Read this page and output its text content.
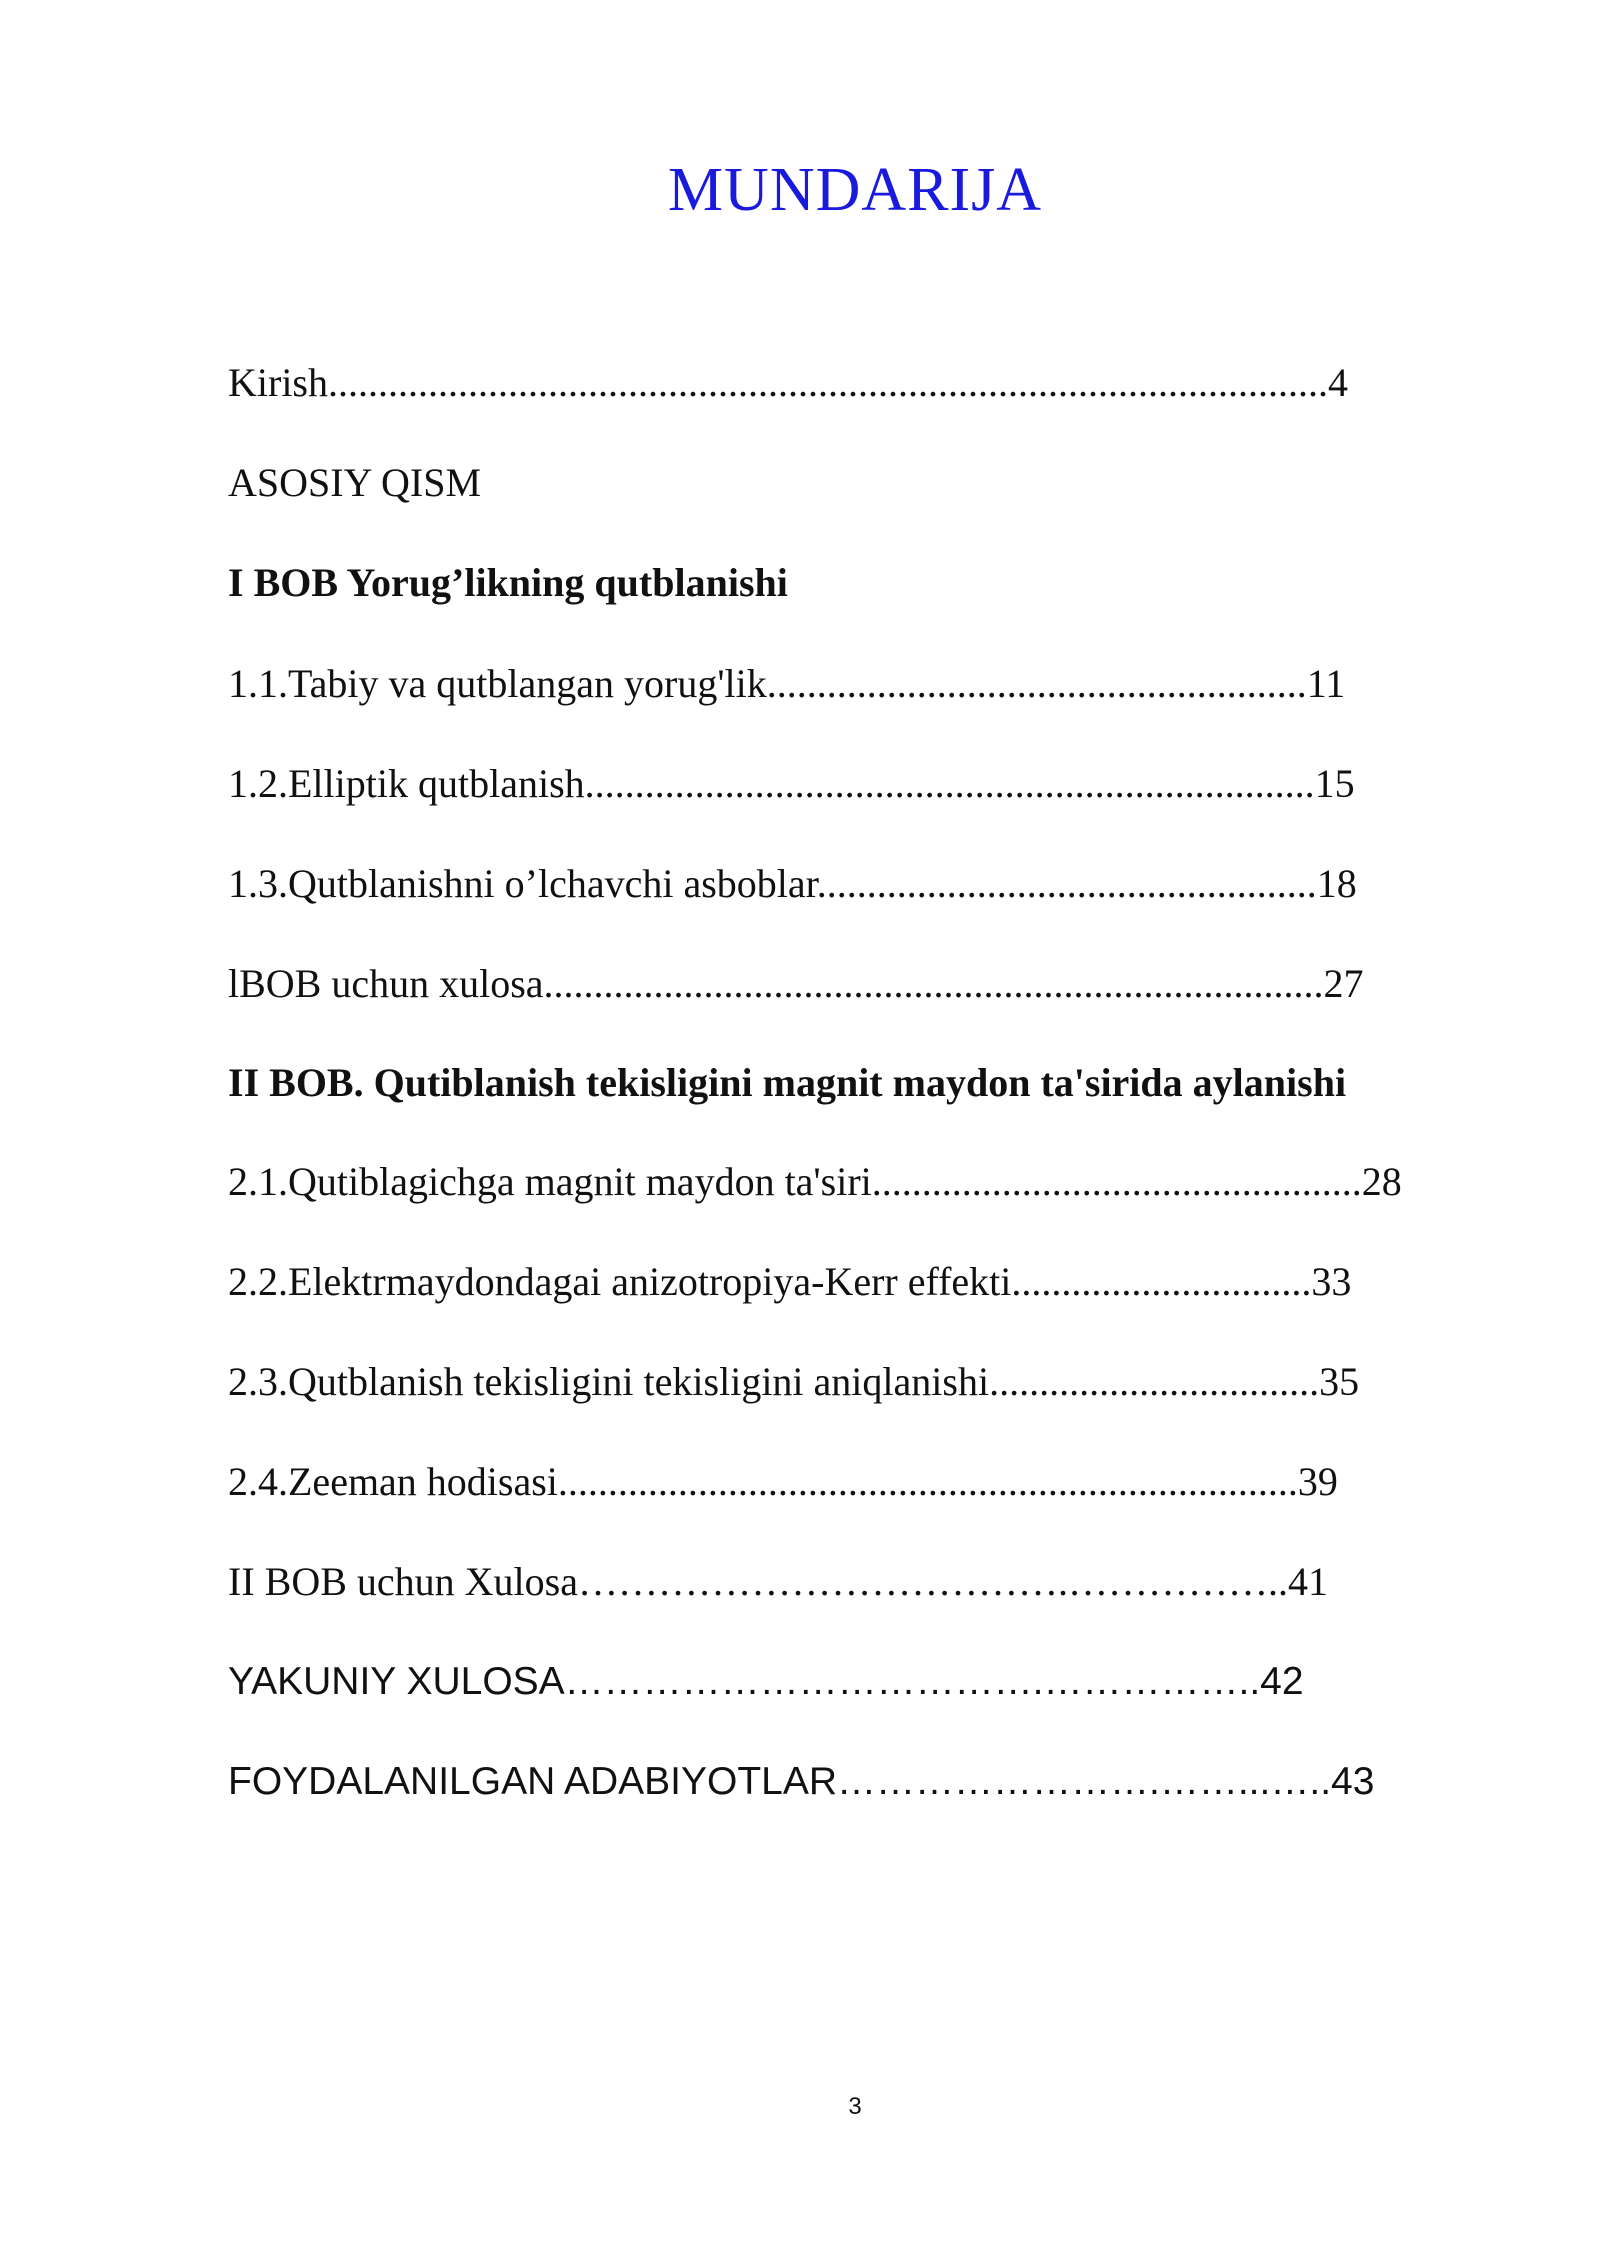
MUNDARIJA
Kirish....................................................................................................4
ASOSIY QISM
I BOB Yorug’likning qutblanishi
1.1.Tabiy va qutblangan yorug'lik......................................................11
1.2.Elliptik qutblanish.........................................................................15
1.3.Qutblanishni o’lchavchi asboblar..................................................18
lBOB uchun xulosa..............................................................................27
II BOB. Qutiblanish tekisligini magnit maydon ta'sirida aylanishi
2.1.Qutiblagichga magnit maydon ta'siri.................................................28
2.2.Elektrmaydondagai anizotropiya-Kerr effekti..............................33
2.3.Qutblanish tekisligini tekisligini aniqlanishi.................................35
2.4.Zeeman hodisasi..........................................................................39
II BOB uchun Xulosa……………………………….……………..41
YAKUNIY XULOSA……………………………….……………..42
FOYDALANILGAN ADABIYOTLAR…………………….……...…..43
3
